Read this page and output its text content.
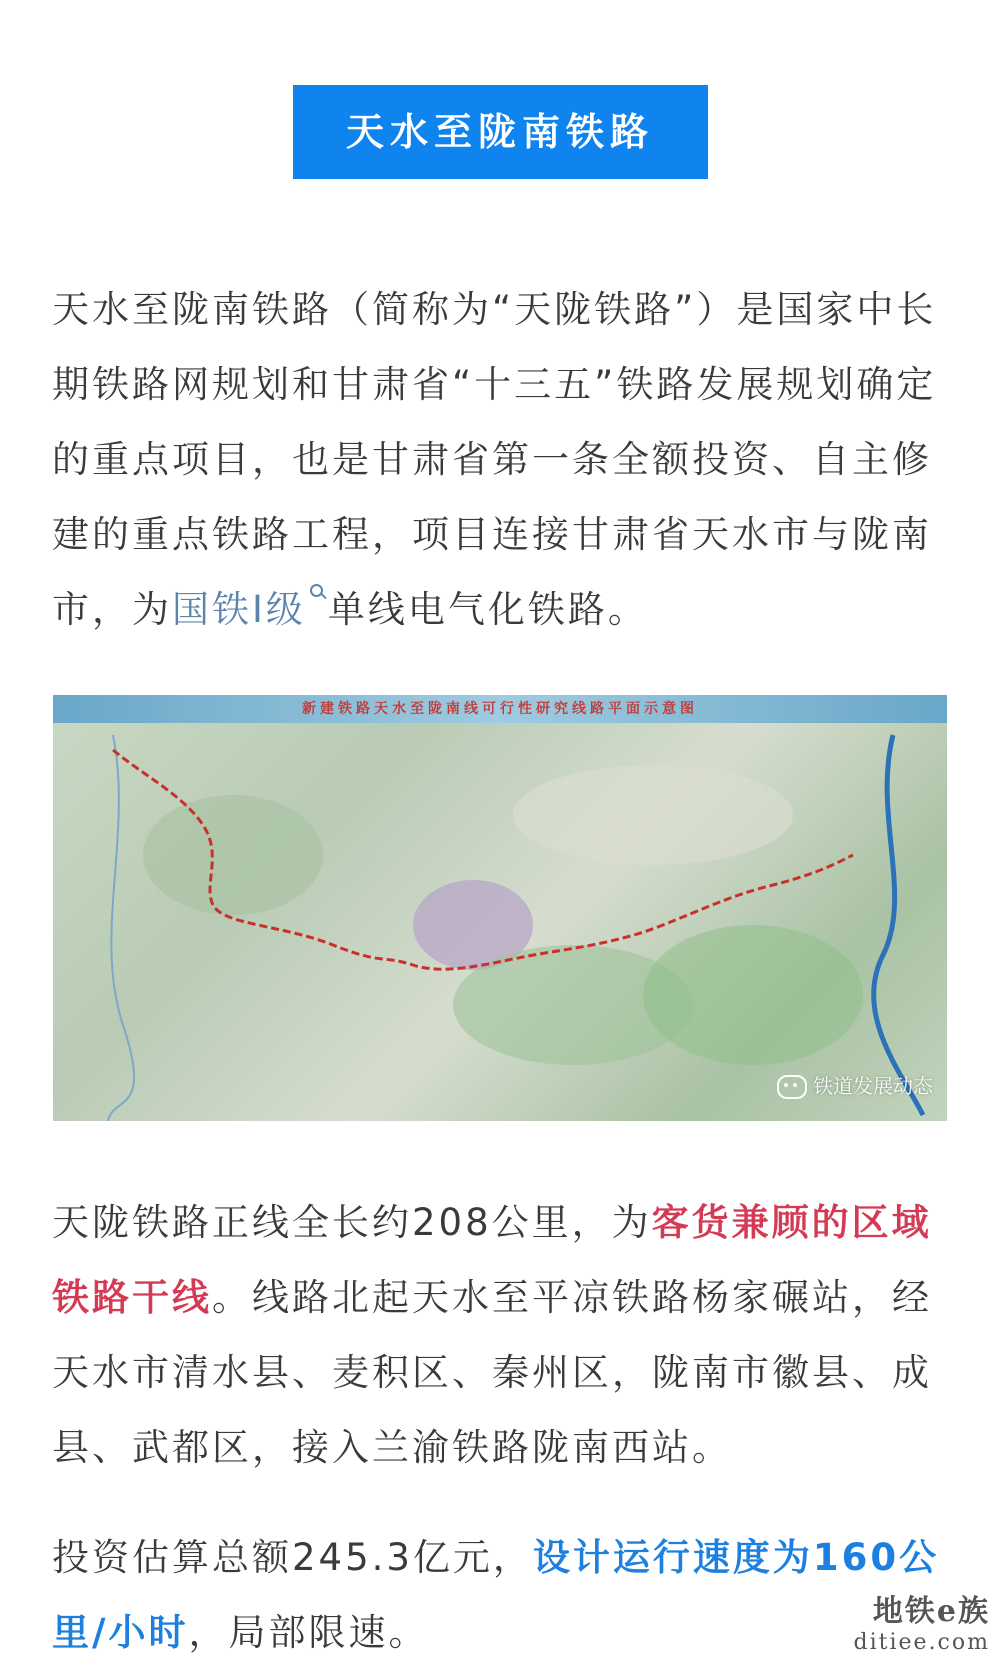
天水至陇南铁路

天水至陇南铁路（简称为“天陇铁路”）是国家中长期铁路网规划和甘肃省“十三五”铁路发展规划确定的重点项目，也是甘肃省第一条全额投资、自主修建的重点铁路工程，项目连接甘肃省天水市与陇南市，为国铁Ⅰ级 单线电气化铁路。

新建铁路天水至陇南线可行性研究线路平面示意图
铁道发展动态

天陇铁路正线全长约208公里，为客货兼顾的区域铁路干线。线路北起天水至平凉铁路杨家碾站，经天水市清水县、麦积区、秦州区，陇南市徽县、成县、武都区，接入兰渝铁路陇南西站。

投资估算总额245.3亿元，设计运行速度为160公里/小时，局部限速。	地铁e族
ditiee.com
